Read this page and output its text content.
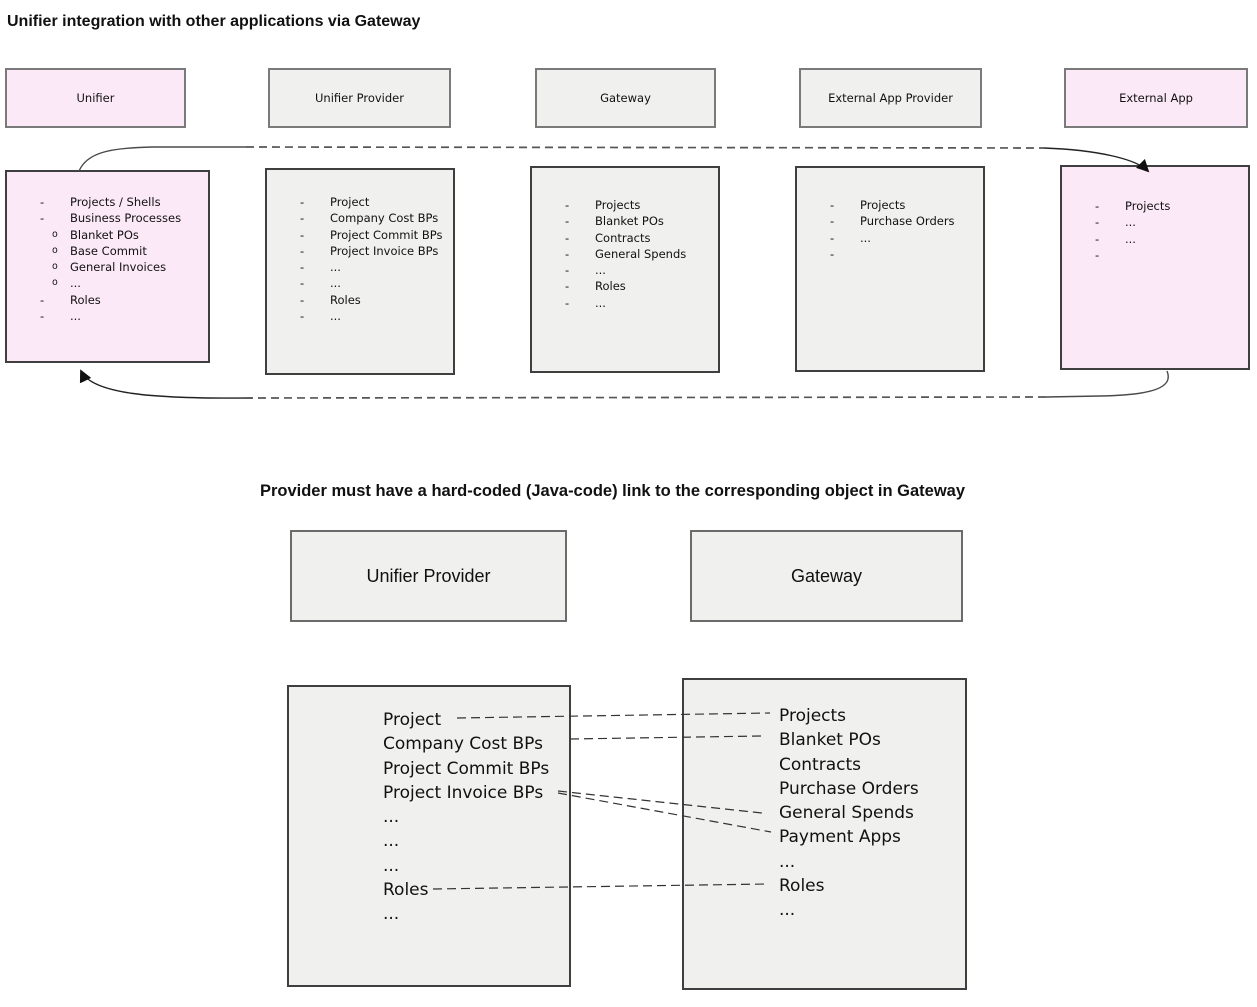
Unifier integration with other applications via Gateway
Unifier	Unifier Provider	Gateway	External App Provider	External App
-	Projects / Shells
-	Business Processes
o	Blanket POs
o	Base Commit
o	General Invoices
o	...
-	Roles
-	...
-	Project
-	Company Cost BPs
-	Project Commit BPs
-	Project Invoice BPs
-	...
-	...
-	Roles
-	...
-	Projects
-	Blanket POs
-	Contracts
-	General Spends
-	...
-	Roles
-	...
-	Projects
-	Purchase Orders
-	...
-
-	Projects
-	...
-	...
-
Provider must have a hard-coded (Java-code) link to the corresponding object in Gateway
Unifier Provider	Gateway
Project
Company Cost BPs
Project Commit BPs
Project Invoice BPs
...
...
...
Roles
...
Projects
Blanket POs
Contracts
Purchase Orders
General Spends
Payment Apps
...
Roles
...
